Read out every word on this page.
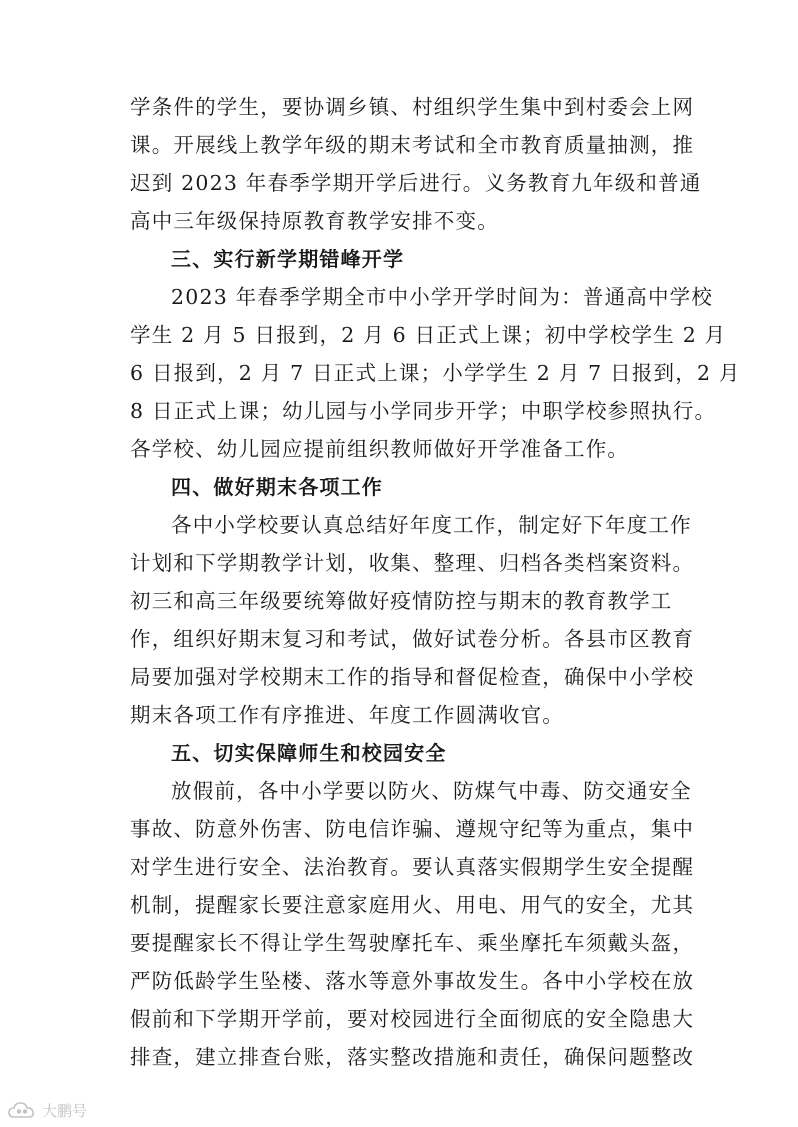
学条件的学生，要协调乡镇、村组织学生集中到村委会上网
课。开展线上教学年级的期末考试和全市教育质量抽测，推
迟到 2023 年春季学期开学后进行。义务教育九年级和普通
高中三年级保持原教育教学安排不变。
三、实行新学期错峰开学
2023 年春季学期全市中小学开学时间为：普通高中学校
学生 2 月 5 日报到，2 月 6 日正式上课；初中学校学生 2 月
6 日报到，2 月 7 日正式上课；小学学生 2 月 7 日报到，2 月
8 日正式上课；幼儿园与小学同步开学；中职学校参照执行。
各学校、幼儿园应提前组织教师做好开学准备工作。
四、做好期末各项工作
各中小学校要认真总结好年度工作，制定好下年度工作
计划和下学期教学计划，收集、整理、归档各类档案资料。
初三和高三年级要统筹做好疫情防控与期末的教育教学工
作，组织好期末复习和考试，做好试卷分析。各县市区教育
局要加强对学校期末工作的指导和督促检查，确保中小学校
期末各项工作有序推进、年度工作圆满收官。
五、切实保障师生和校园安全
放假前，各中小学要以防火、防煤气中毒、防交通安全
事故、防意外伤害、防电信诈骗、遵规守纪等为重点，集中
对学生进行安全、法治教育。要认真落实假期学生安全提醒
机制，提醒家长要注意家庭用火、用电、用气的安全，尤其
要提醒家长不得让学生驾驶摩托车、乘坐摩托车须戴头盔，
严防低龄学生坠楼、落水等意外事故发生。各中小学校在放
假前和下学期开学前，要对校园进行全面彻底的安全隐患大
排查，建立排查台账，落实整改措施和责任，确保问题整改
大鹏号
